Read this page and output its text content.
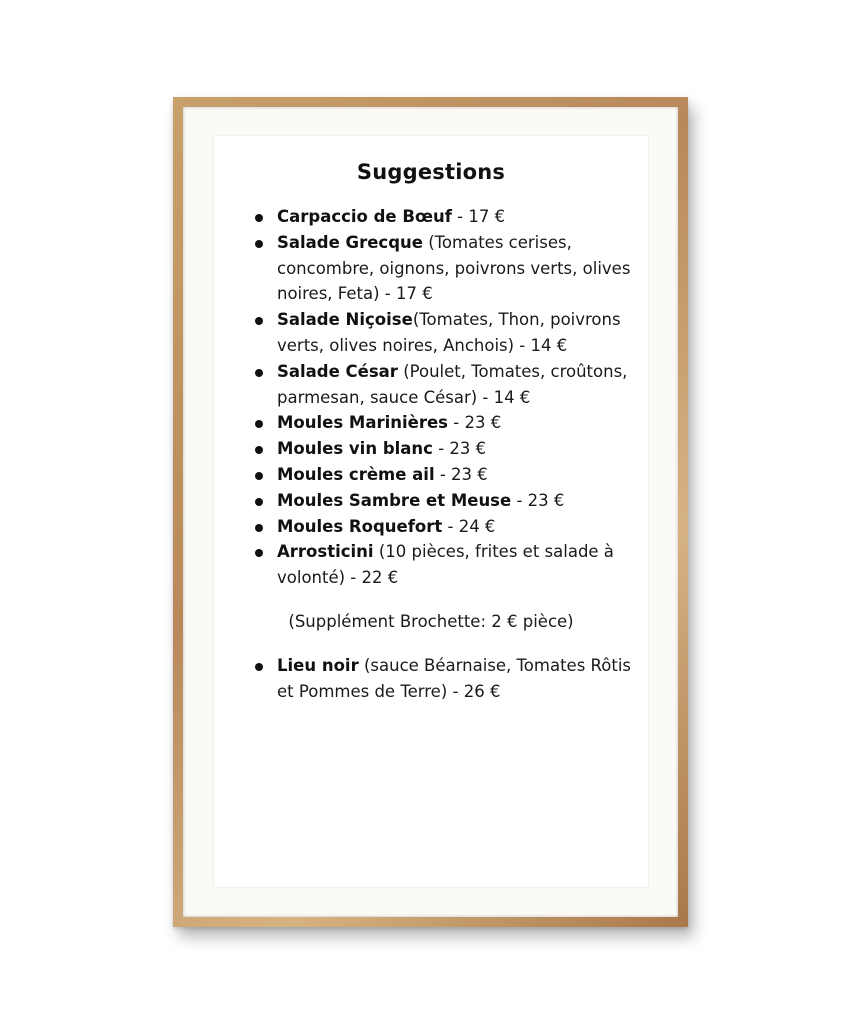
Suggestions
Carpaccio de Bœuf - 17 €
Salade Grecque (Tomates cerises, concombre, oignons, poivrons verts, olives noires, Feta) - 17 €
Salade Niçoise(Tomates, Thon, poivrons verts, olives noires, Anchois) - 14 €
Salade César (Poulet, Tomates, croûtons, parmesan, sauce César) - 14 €
Moules Marinières - 23 €
Moules vin blanc - 23 €
Moules crème ail - 23 €
Moules Sambre et Meuse - 23 €
Moules Roquefort - 24 €
Arrosticini (10 pièces, frites et salade à volonté) - 22 €
(Supplément Brochette: 2 € pièce)
Lieu noir (sauce Béarnaise, Tomates Rôtis et Pommes de Terre) - 26 €
